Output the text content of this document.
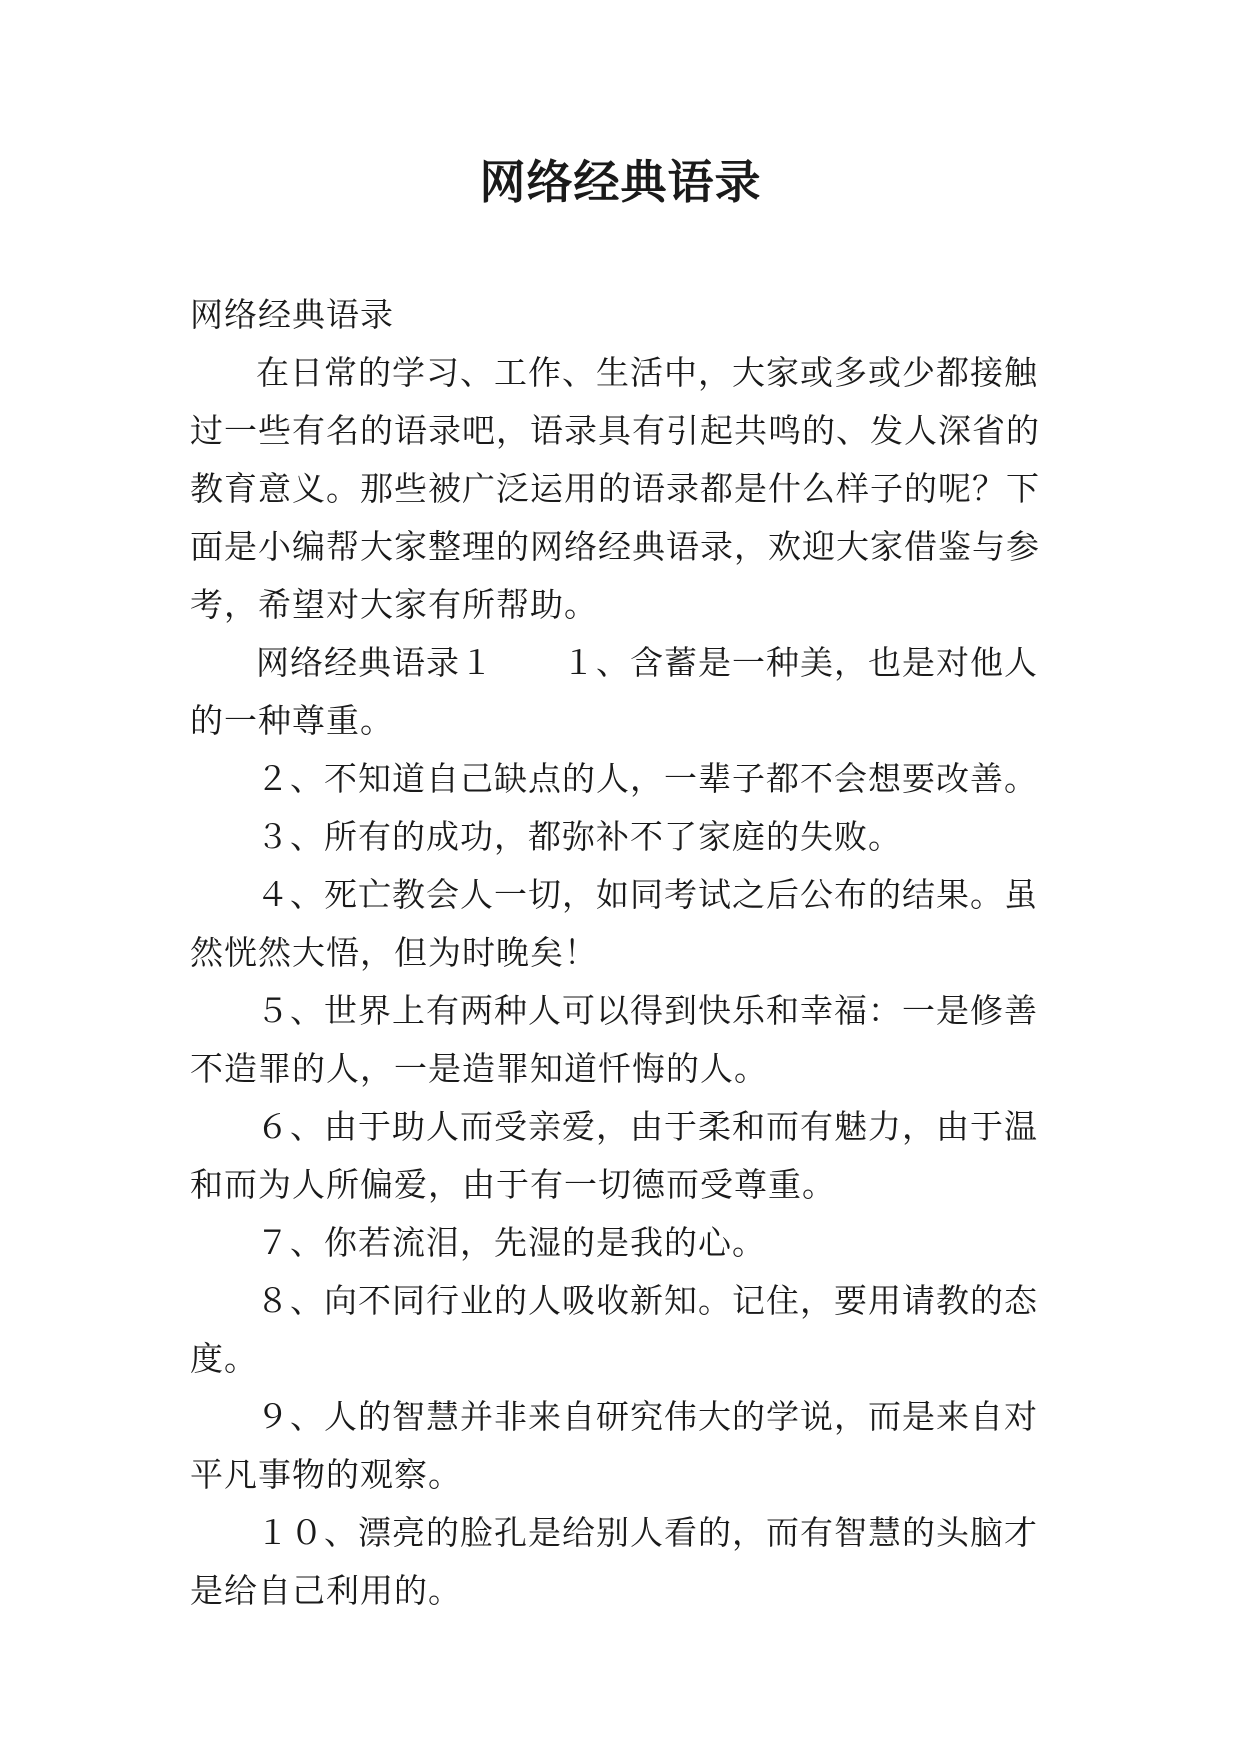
网络经典语录

网络经典语录

在日常的学习、工作、生活中，大家或多或少都接触过一些有名的语录吧，语录具有引起共鸣的、发人深省的教育意义。那些被广泛运用的语录都是什么样子的呢？下面是小编帮大家整理的网络经典语录，欢迎大家借鉴与参考，希望对大家有所帮助。

网络经典语录１　　１、含蓄是一种美，也是对他人的一种尊重。

２、不知道自己缺点的人，一辈子都不会想要改善。

３、所有的成功，都弥补不了家庭的失败。

４、死亡教会人一切，如同考试之后公布的结果。虽然恍然大悟，但为时晚矣！

５、世界上有两种人可以得到快乐和幸福：一是修善不造罪的人，一是造罪知道忏悔的人。

６、由于助人而受亲爱，由于柔和而有魅力，由于温和而为人所偏爱，由于有一切德而受尊重。

７、你若流泪，先湿的是我的心。

８、向不同行业的人吸收新知。记住，要用请教的态度。

９、人的智慧并非来自研究伟大的学说，而是来自对平凡事物的观察。

１０、漂亮的脸孔是给别人看的，而有智慧的头脑才是给自己利用的。
